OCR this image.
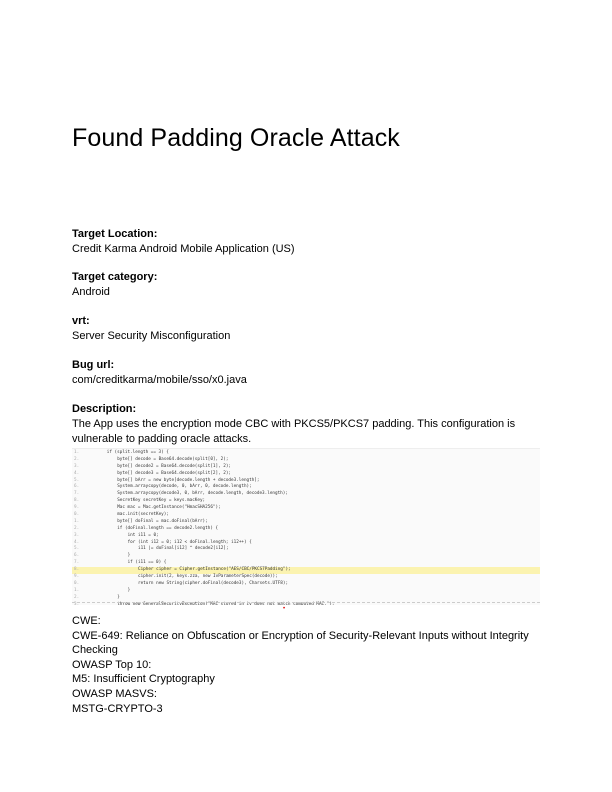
Found Padding Oracle Attack
Target Location:
Credit Karma Android Mobile Application (US)
Target category:
Android
vrt:
Server Security Misconfiguration
Bug url:
com/creditkarma/mobile/sso/x0.java
Description:
The App uses the encryption mode CBC with PKCS5/PKCS7 padding. This configuration is vulnerable to padding oracle attacks.
1.	if (split.length == 3) {
2.	byte[] decode = Base64.decode(split[0], 2);
3.	byte[] decode2 = Base64.decode(split[1], 2);
4.	byte[] decode3 = Base64.decode(split[2], 2);
5.	byte[] bArr = new byte[decode.length + decode3.length];
6.	System.arraycopy(decode, 0, bArr, 0, decode.length);
7.	System.arraycopy(decode3, 0, bArr, decode.length, decode3.length);
8.	SecretKey secretKey = keys.macKey;
9.	Mac mac = Mac.getInstance("HmacSHA256");
0.	mac.init(secretKey);
1.	byte[] doFinal = mac.doFinal(bArr);
2.	if (doFinal.length == decode2.length) {
3.	int i11 = 0;
4.	for (int i12 = 0; i12 < doFinal.length; i12++) {
5.	i11 |= doFinal[i12] ^ decode2[i12];
6.	}
7.	if (i11 == 0) {
8.	Cipher cipher = Cipher.getInstance("AES/CBC/PKCS7Padding");
9.	cipher.init(2, keys.zza, new IvParameterSpec(decode));
0.	return new String(cipher.doFinal(decode3), Charsets.UTF8);
1.	}
2.	}
3.	throw new GeneralSecurityException("MAC stored in iv does not match computed MAC.");
•
CWE:
CWE-649: Reliance on Obfuscation or Encryption of Security-Relevant Inputs without Integrity Checking
OWASP Top 10:
M5: Insufficient Cryptography
OWASP MASVS:
MSTG-CRYPTO-3
